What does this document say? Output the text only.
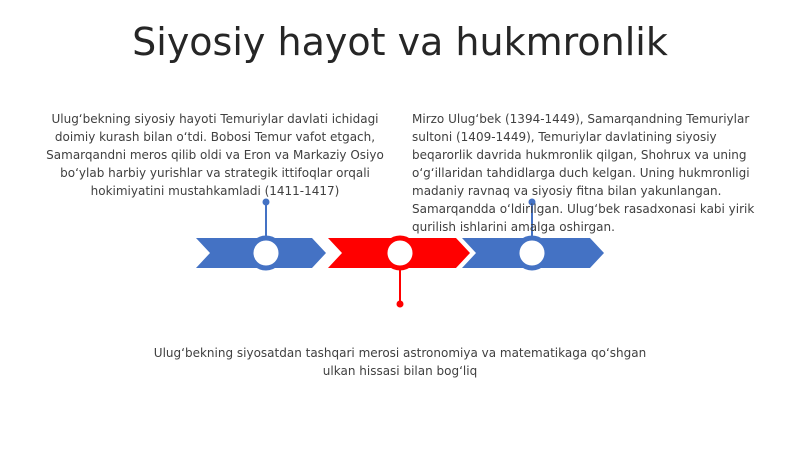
Siyosiy hayot va hukmronlik
Ulug‘bekning siyosiy hayoti Temuriylar davlati ichidagi doimiy kurash bilan o‘tdi. Bobosi Temur vafot etgach, Samarqandni meros qilib oldi va Eron va Markaziy Osiyo bo‘ylab harbiy yurishlar va strategik ittifoqlar orqali hokimiyatini mustahkamladi (1411-1417)
Ulug‘bekning siyosatdan tashqari merosi astronomiya va matematikaga qo‘shgan ulkan hissasi bilan bog‘liq
Mirzo Ulug‘bek (1394-1449), Samarqandning Temuriylar sultoni (1409-1449), Temuriylar davlatining siyosiy beqarorlik davrida hukmronlik qilgan, Shohrux va uning o‘g‘illaridan tahdidlarga duch kelgan. Uning hukmronligi madaniy ravnaq va siyosiy fitna bilan yakunlangan. Samarqandda o‘ldirilgan. Ulug‘bek rasadxonasi kabi yirik qurilish ishlarini amalga oshirgan.
